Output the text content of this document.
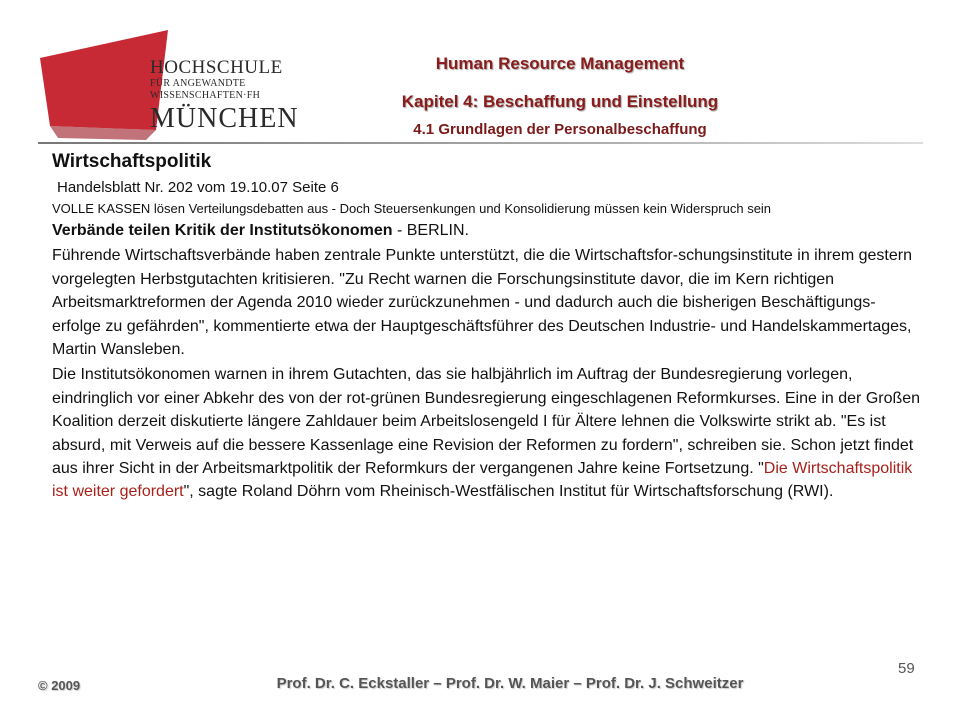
HOCHSCHULE
FÜR ANGEWANDTE
WISSENSCHAFTEN·FH
MÜNCHEN
Human Resource Management
Kapitel 4: Beschaffung und Einstellung
4.1 Grundlagen der Personalbeschaffung
Wirtschaftspolitik
Handelsblatt Nr. 202 vom 19.10.07 Seite 6
VOLLE KASSEN lösen Verteilungsdebatten aus - Doch Steuersenkungen und Konsolidierung müssen kein Widerspruch sein
Verbände teilen Kritik der Institutsökonomen - BERLIN.
Führende Wirtschaftsverbände haben zentrale Punkte unterstützt, die die Wirtschaftsfor-schungsinstitute in ihrem gestern vorgelegten Herbstgutachten kritisieren. "Zu Recht warnen die Forschungsinstitute davor, die im Kern richtigen Arbeitsmarktreformen der Agenda 2010 wieder zurückzunehmen - und dadurch auch die bisherigen Beschäftigungs-erfolge zu gefährden", kommentierte etwa der Hauptgeschäftsführer des Deutschen Industrie- und Handelskammertages, Martin Wansleben.
Die Institutsökonomen warnen in ihrem Gutachten, das sie halbjährlich im Auftrag der Bundesregierung vorlegen, eindringlich vor einer Abkehr des von der rot-grünen Bundesregierung eingeschlagenen Reformkurses. Eine in der Großen Koalition derzeit diskutierte längere Zahldauer beim Arbeitslosengeld I für Ältere lehnen die Volkswirte strikt ab. "Es ist absurd, mit Verweis auf die bessere Kassenlage eine Revision der Reformen zu fordern", schreiben sie. Schon jetzt findet aus ihrer Sicht in der Arbeitsmarktpolitik der Reformkurs der vergangenen Jahre keine Fortsetzung. "Die Wirtschaftspolitik ist weiter gefordert", sagte Roland Döhrn vom Rheinisch-Westfälischen Institut für Wirtschaftsforschung (RWI).
59
© 2009	Prof. Dr. C. Eckstaller – Prof. Dr. W. Maier – Prof. Dr. J. Schweitzer
